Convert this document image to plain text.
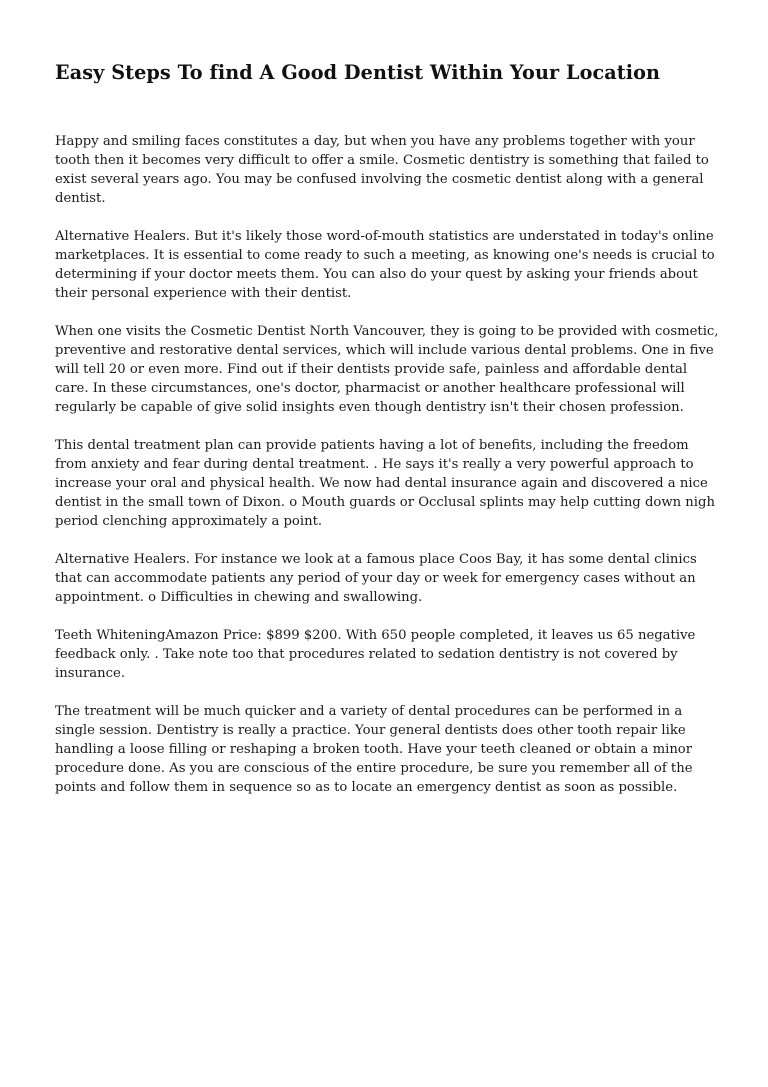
Easy Steps To find A Good Dentist Within Your Location

Happy and smiling faces constitutes a day, but when you have any problems together with your tooth then it becomes very difficult to offer a smile. Cosmetic dentistry is something that failed to exist several years ago. You may be confused involving the cosmetic dentist along with a general dentist.

Alternative Healers. But it's likely those word-of-mouth statistics are understated in today's online marketplaces. It is essential to come ready to such a meeting, as knowing one's needs is crucial to determining if your doctor meets them. You can also do your quest by asking your friends about their personal experience with their dentist.

When one visits the Cosmetic Dentist North Vancouver, they is going to be provided with cosmetic, preventive and restorative dental services, which will include various dental problems. One in five will tell 20 or even more. Find out if their dentists provide safe, painless and affordable dental care. In these circumstances, one's doctor, pharmacist or another healthcare professional will regularly be capable of give solid insights even though dentistry isn't their chosen profession.

This dental treatment plan can provide patients having a lot of benefits, including the freedom from anxiety and fear during dental treatment. . He says it's really a very powerful approach to increase your oral and physical health. We now had dental insurance again and discovered a nice dentist in the small town of Dixon. o Mouth guards or Occlusal splints may help cutting down nigh period clenching approximately a point.

Alternative Healers. For instance we look at a famous place Coos Bay, it has some dental clinics that can accommodate patients any period of your day or week for emergency cases without an appointment. o Difficulties in chewing and swallowing.

Teeth WhiteningAmazon Price: $899 $200. With 650 people completed, it leaves us 65 negative feedback only. . Take note too that procedures related to sedation dentistry is not covered by insurance.

The treatment will be much quicker and a variety of dental procedures can be performed in a single session. Dentistry is really a practice. Your general dentists does other tooth repair like handling a loose filling or reshaping a broken tooth. Have your teeth cleaned or obtain a minor procedure done. As you are conscious of the entire procedure, be sure you remember all of the points and follow them in sequence so as to locate an emergency dentist as soon as possible.
